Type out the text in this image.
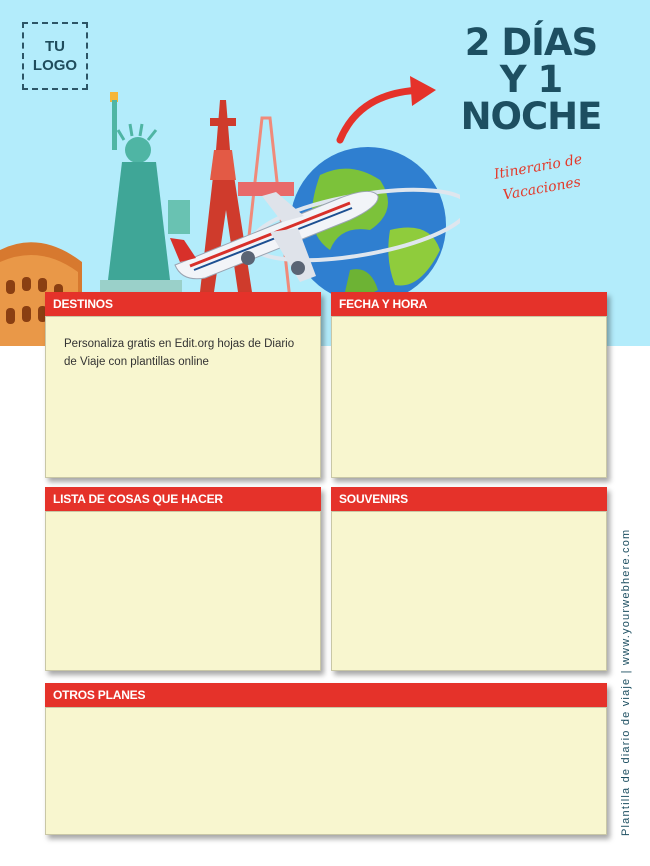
TU
LOGO
2 DÍAS
Y 1
NOCHE
Itinerario de
Vacaciones
DESTINOS
Personaliza gratis en Edit.org hojas de Diario de Viaje con plantillas online
FECHA Y HORA
LISTA DE COSAS QUE HACER	SOUVENIRS
OTROS PLANES	Plantilla de diario de viaje | www.yourwebhere.com
